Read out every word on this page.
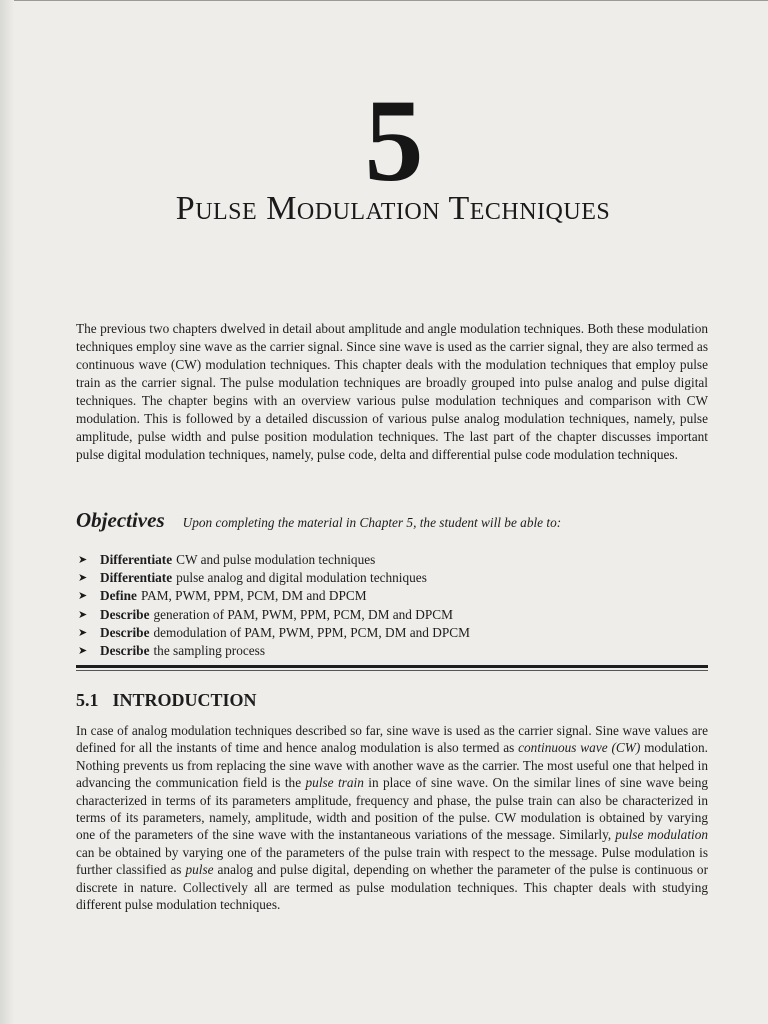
5
Pulse Modulation Techniques
The previous two chapters dwelved in detail about amplitude and angle modulation techniques. Both these modulation techniques employ sine wave as the carrier signal. Since sine wave is used as the carrier signal, they are also termed as continuous wave (CW) modulation techniques. This chapter deals with the modulation techniques that employ pulse train as the carrier signal. The pulse modulation techniques are broadly grouped into pulse analog and pulse digital techniques. The chapter begins with an overview various pulse modulation techniques and comparison with CW modulation. This is followed by a detailed discussion of various pulse analog modulation techniques, namely, pulse amplitude, pulse width and pulse position modulation techniques. The last part of the chapter discusses important pulse digital modulation techniques, namely, pulse code, delta and differential pulse code modulation techniques.
Objectives Upon completing the material in Chapter 5, the student will be able to:
➤ Differentiate CW and pulse modulation techniques
➤ Differentiate pulse analog and digital modulation techniques
➤ Define PAM, PWM, PPM, PCM, DM and DPCM
➤ Describe generation of PAM, PWM, PPM, PCM, DM and DPCM
➤ Describe demodulation of PAM, PWM, PPM, PCM, DM and DPCM
➤ Describe the sampling process
5.1 INTRODUCTION
In case of analog modulation techniques described so far, sine wave is used as the carrier signal. Sine wave values are defined for all the instants of time and hence analog modulation is also termed as continuous wave (CW) modulation. Nothing prevents us from replacing the sine wave with another wave as the carrier. The most useful one that helped in advancing the communication field is the pulse train in place of sine wave. On the similar lines of sine wave being characterized in terms of its parameters amplitude, frequency and phase, the pulse train can also be characterized in terms of its parameters, namely, amplitude, width and position of the pulse. CW modulation is obtained by varying one of the parameters of the sine wave with the instantaneous variations of the message. Similarly, pulse modulation can be obtained by varying one of the parameters of the pulse train with respect to the message. Pulse modulation is further classified as pulse analog and pulse digital, depending on whether the parameter of the pulse is continuous or discrete in nature. Collectively all are termed as pulse modulation techniques. This chapter deals with studying different pulse modulation techniques.
